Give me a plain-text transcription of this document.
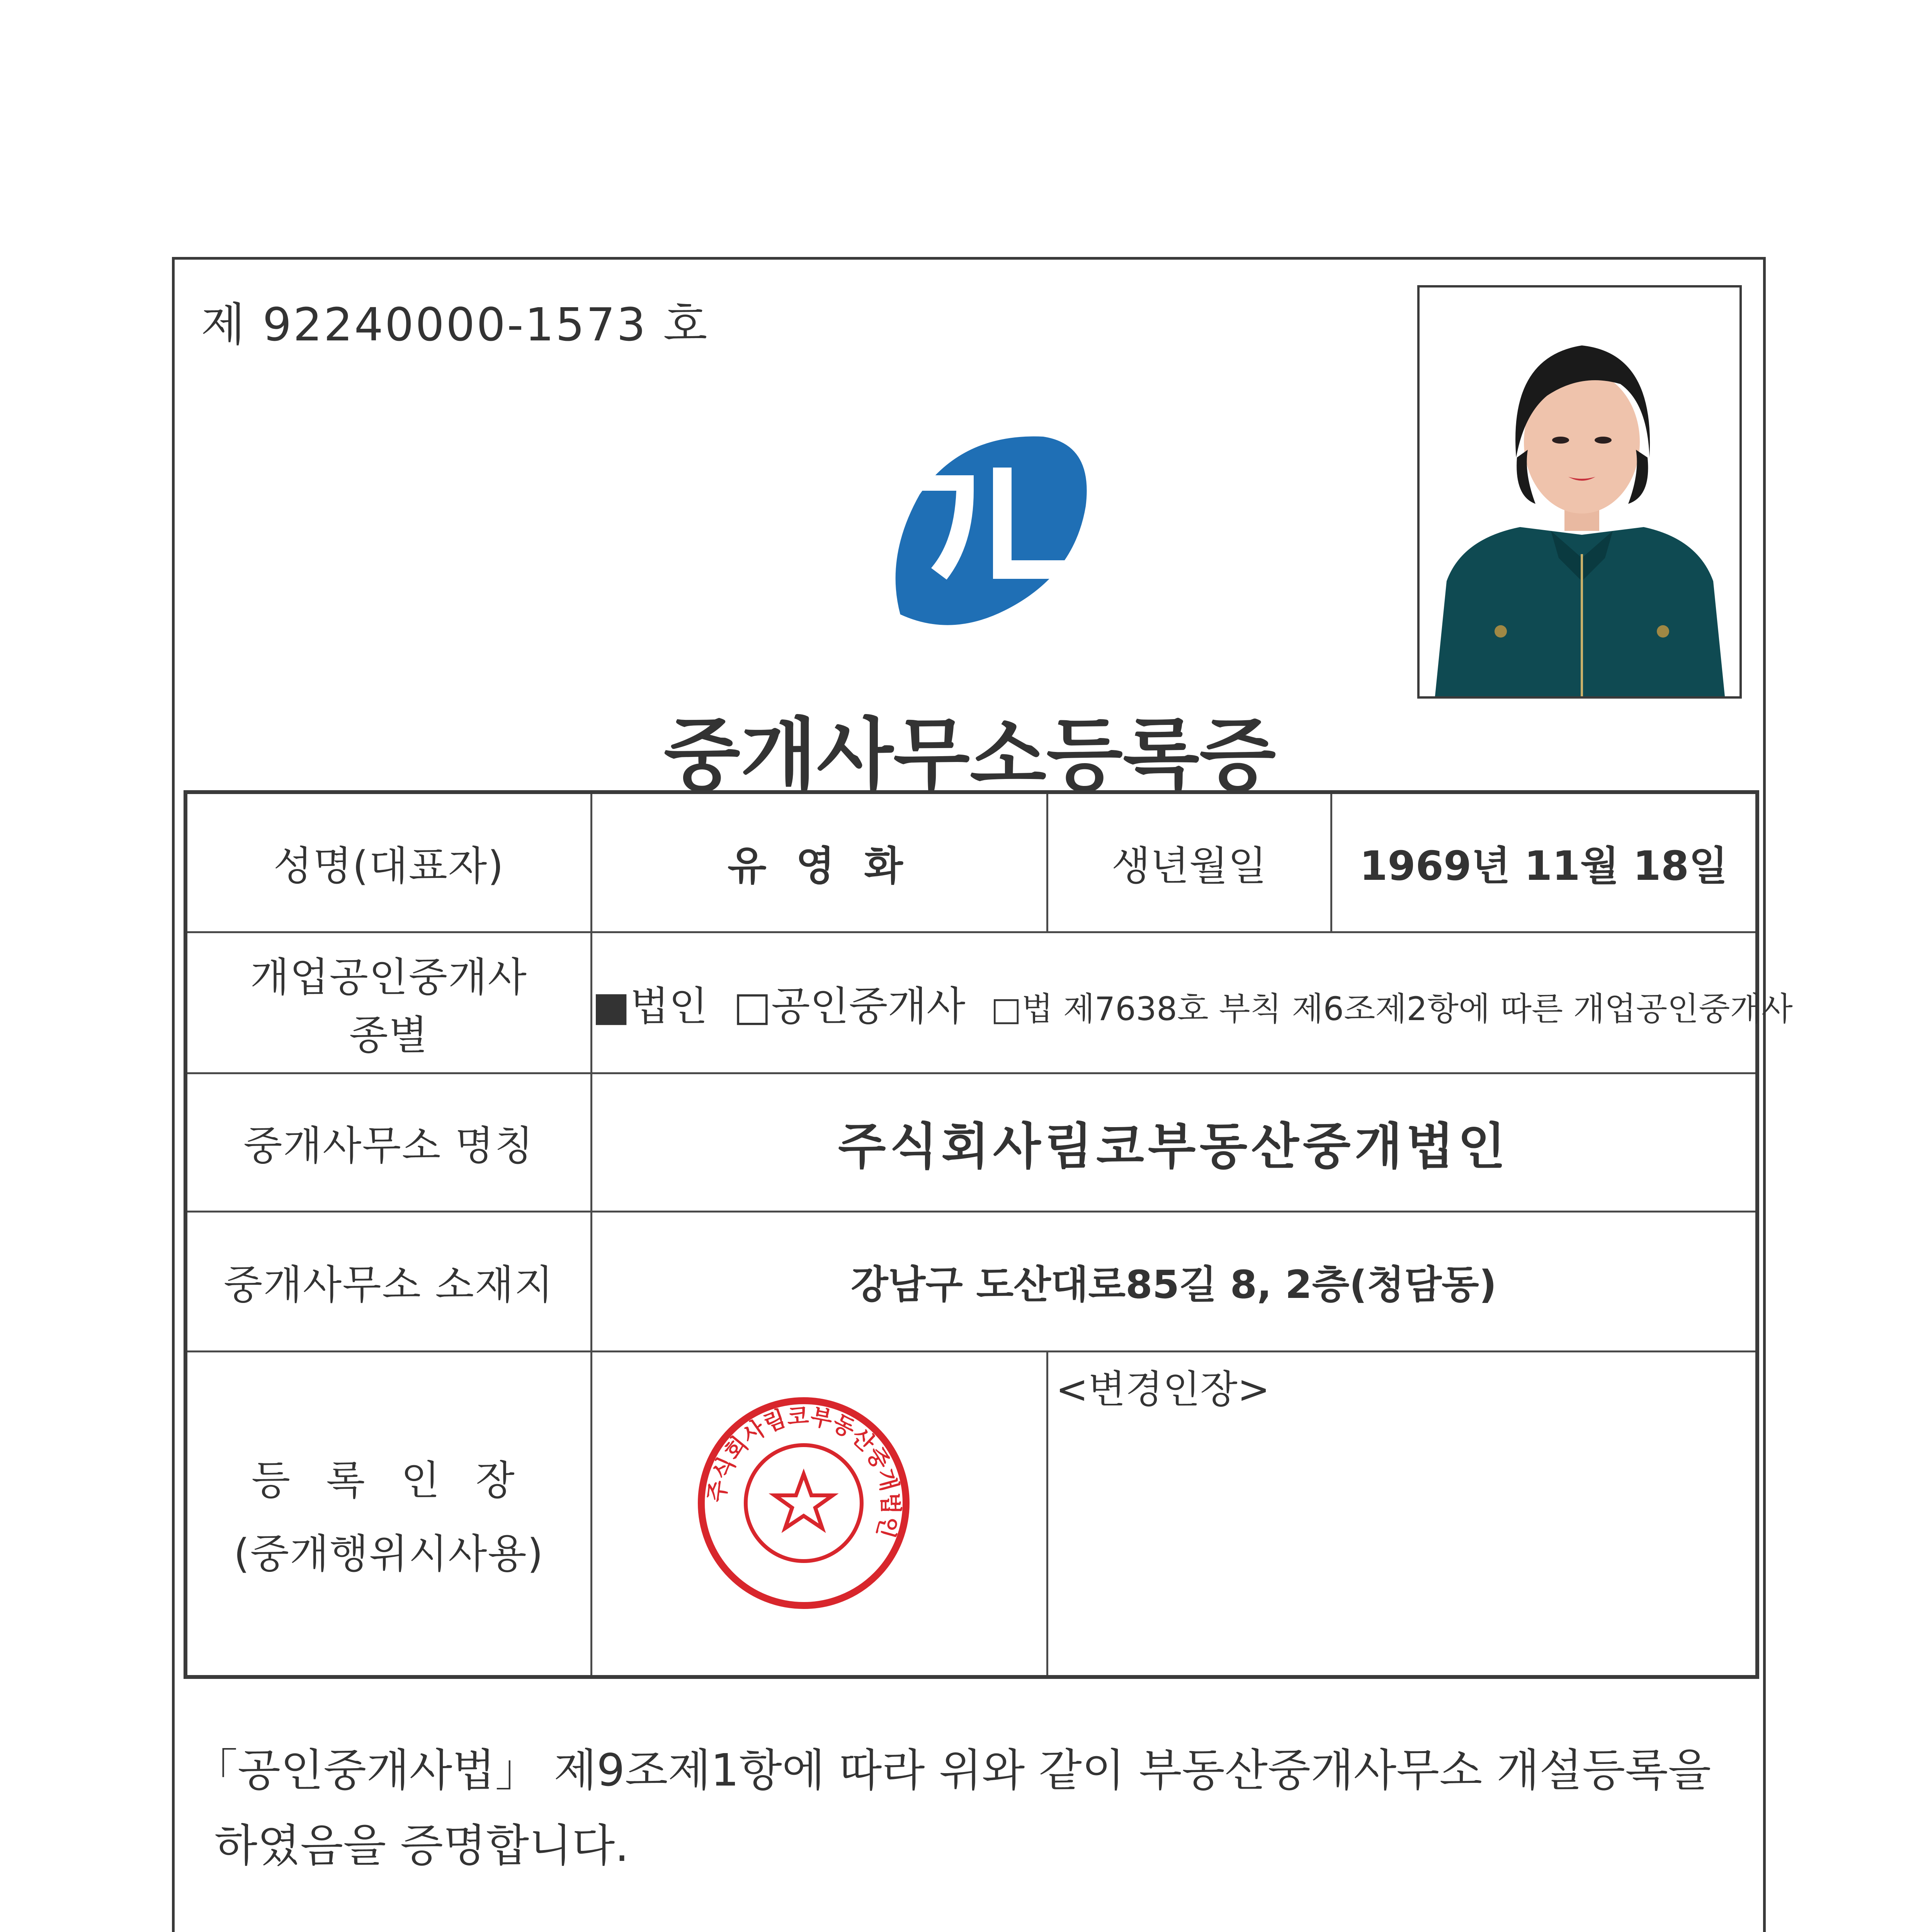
제 92240000-1573 호
중개사무소등록증
성명(대표자)	유 영 화	생년월일	1969년 11월 18일

개업공인중개사
종별	■법인 □공인중개사 □법 제7638호 부칙 제6조제2항에 따른 개업공인중개사		
중개사무소 명칭	주식회사림코부동산중개법인		
중개사무소 소재지	강남구 도산대로85길 8, 2층(청담동)		

등 록 인 장
(중개행위시사용)		<변경인장>	
주식회사림코부동산중개법인
「공인중개사법」 제9조제1항에 따라 위와 같이 부동산중개사무소 개설등록을
하였음을 증명합니다.
